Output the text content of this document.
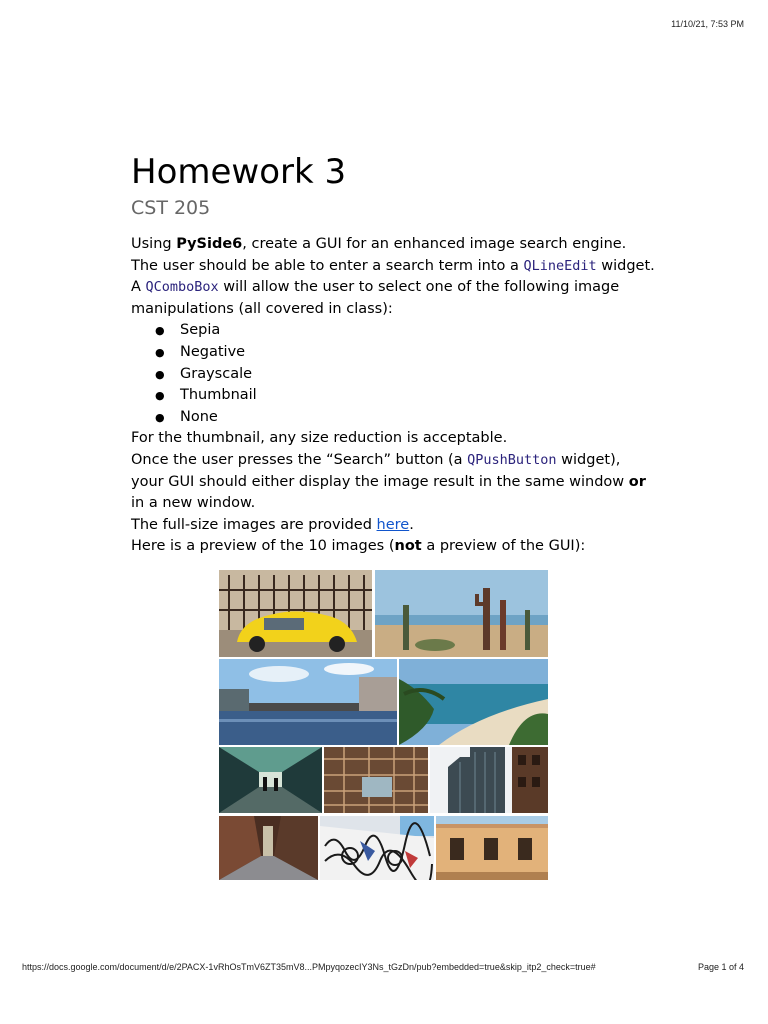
11/10/21, 7:53 PM
Homework 3
CST 205
Using PySide6, create a GUI for an enhanced image search engine.
The user should be able to enter a search term into a QLineEdit widget.
A QComboBox will allow the user to select one of the following image manipulations (all covered in class):
● Sepia
● Negative
● Grayscale
● Thumbnail
● None
For the thumbnail, any size reduction is acceptable.
Once the user presses the “Search” button (a QPushButton widget), your GUI should either display the image result in the same window or in a new window.
The full-size images are provided here.
Here is a preview of the 10 images (not a preview of the GUI):
https://docs.google.com/document/d/e/2PACX-1vRhOsTmV6ZT35mV8...PMpyqozecIY3Ns_tGzDn/pub?embedded=true&skip_itp2_check=true#	Page 1 of 4
